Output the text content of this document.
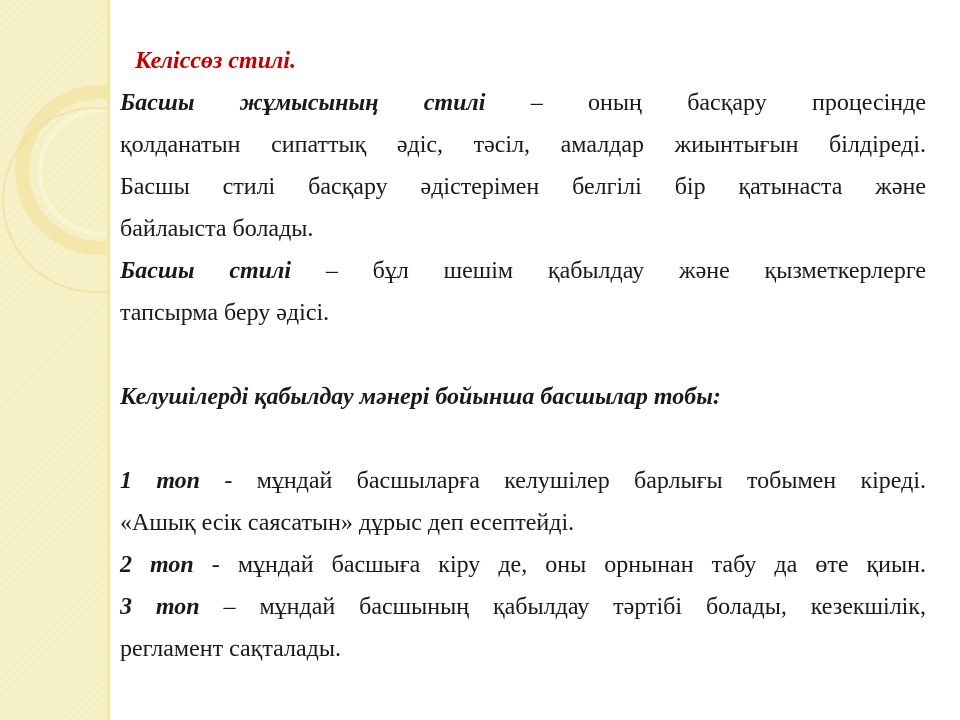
Келіссөз стилі.
Басшы жұмысының стилі – оның басқару процесінде
қолданатын сипаттық әдіс, тәсіл, амалдар жиынтығын білдіреді.
Басшы стилі басқару әдістерімен белгілі бір қатынаста және
байлаыста болады.
Басшы стилі – бұл шешім қабылдау және қызметкерлерге
тапсырма беру әдісі.
Келушілерді қабылдау мәнері бойынша басшылар тобы:
1 топ - мұндай басшыларға келушілер барлығы тобымен кіреді.
«Ашық есік саясатын» дұрыс деп есептейді.
2 топ - мұндай басшыға кіру де, оны орнынан табу да өте қиын.
3 топ – мұндай басшының қабылдау тәртібі болады, кезекшілік,
регламент сақталады.
